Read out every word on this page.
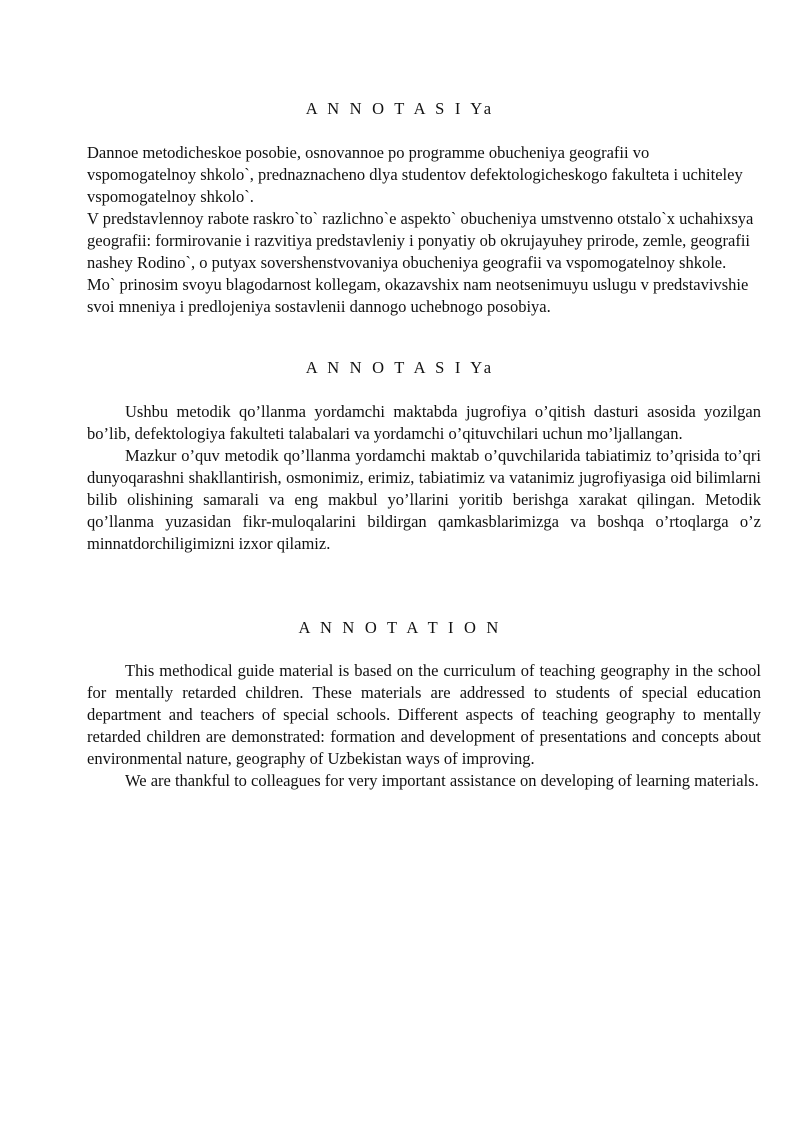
A N N O T A S I Ya

Dannoe metodicheskoe posobie, osnovannoe po programme obucheniya geografii vo vspomogatelnoy shkolo`, prednaznacheno dlya studentov defektologicheskogo fakulteta i uchiteley vspomogatelnoy shkolo`.

V predstavlennoy rabote raskro`to` razlichno`e aspekto` obucheniya umstvenno otstalo`x uchahixsya geografii: formirovanie i razvitiya predstavleniy i ponyatiy ob okrujayuhey prirode, zemle, geografii nashey Rodino`, o putyax sovershenstvovaniya obucheniya geografii va vspomogatelnoy shkole.

Mo` prinosim svoyu blagodarnost kollegam, okazavshix nam neotsenimuyu uslugu v predstavivshie svoi mneniya i predlojeniya sostavlenii dannogo uchebnogo posobiya.

A N N O T A S I Ya

Ushbu metodik qo’llanma yordamchi maktabda jugrofiya o’qitish dasturi asosida yozilgan bo’lib, defektologiya fakulteti talabalari va yordamchi o’qituvchilari uchun mo’ljallangan.

Mazkur o’quv metodik qo’llanma yordamchi maktab o’quvchilarida tabiatimiz to’qrisida to’qri dunyoqarashni shakllantirish, osmonimiz, erimiz, tabiatimiz va vatanimiz jugrofiyasiga oid bilimlarni bilib olishining samarali va eng makbul yo’llarini yoritib berishga xarakat qilingan. Metodik qo’llanma yuzasidan fikr-muloqalarini bildirgan qamkasblarimizga va boshqa o’rtoqlarga o’z minnatdorchiligimizni izxor qilamiz.

A N N O T A T I O N

This methodical guide material is based on the curriculum of teaching geography in the school for mentally retarded children. These materials are addressed to students of special education department and teachers of special schools. Different aspects of teaching geography to mentally retarded children are demonstrated: formation and development of presentations and concepts about environmental nature, geography of Uzbekistan ways of improving.

We are thankful to colleagues for very important assistance on developing of learning materials.
